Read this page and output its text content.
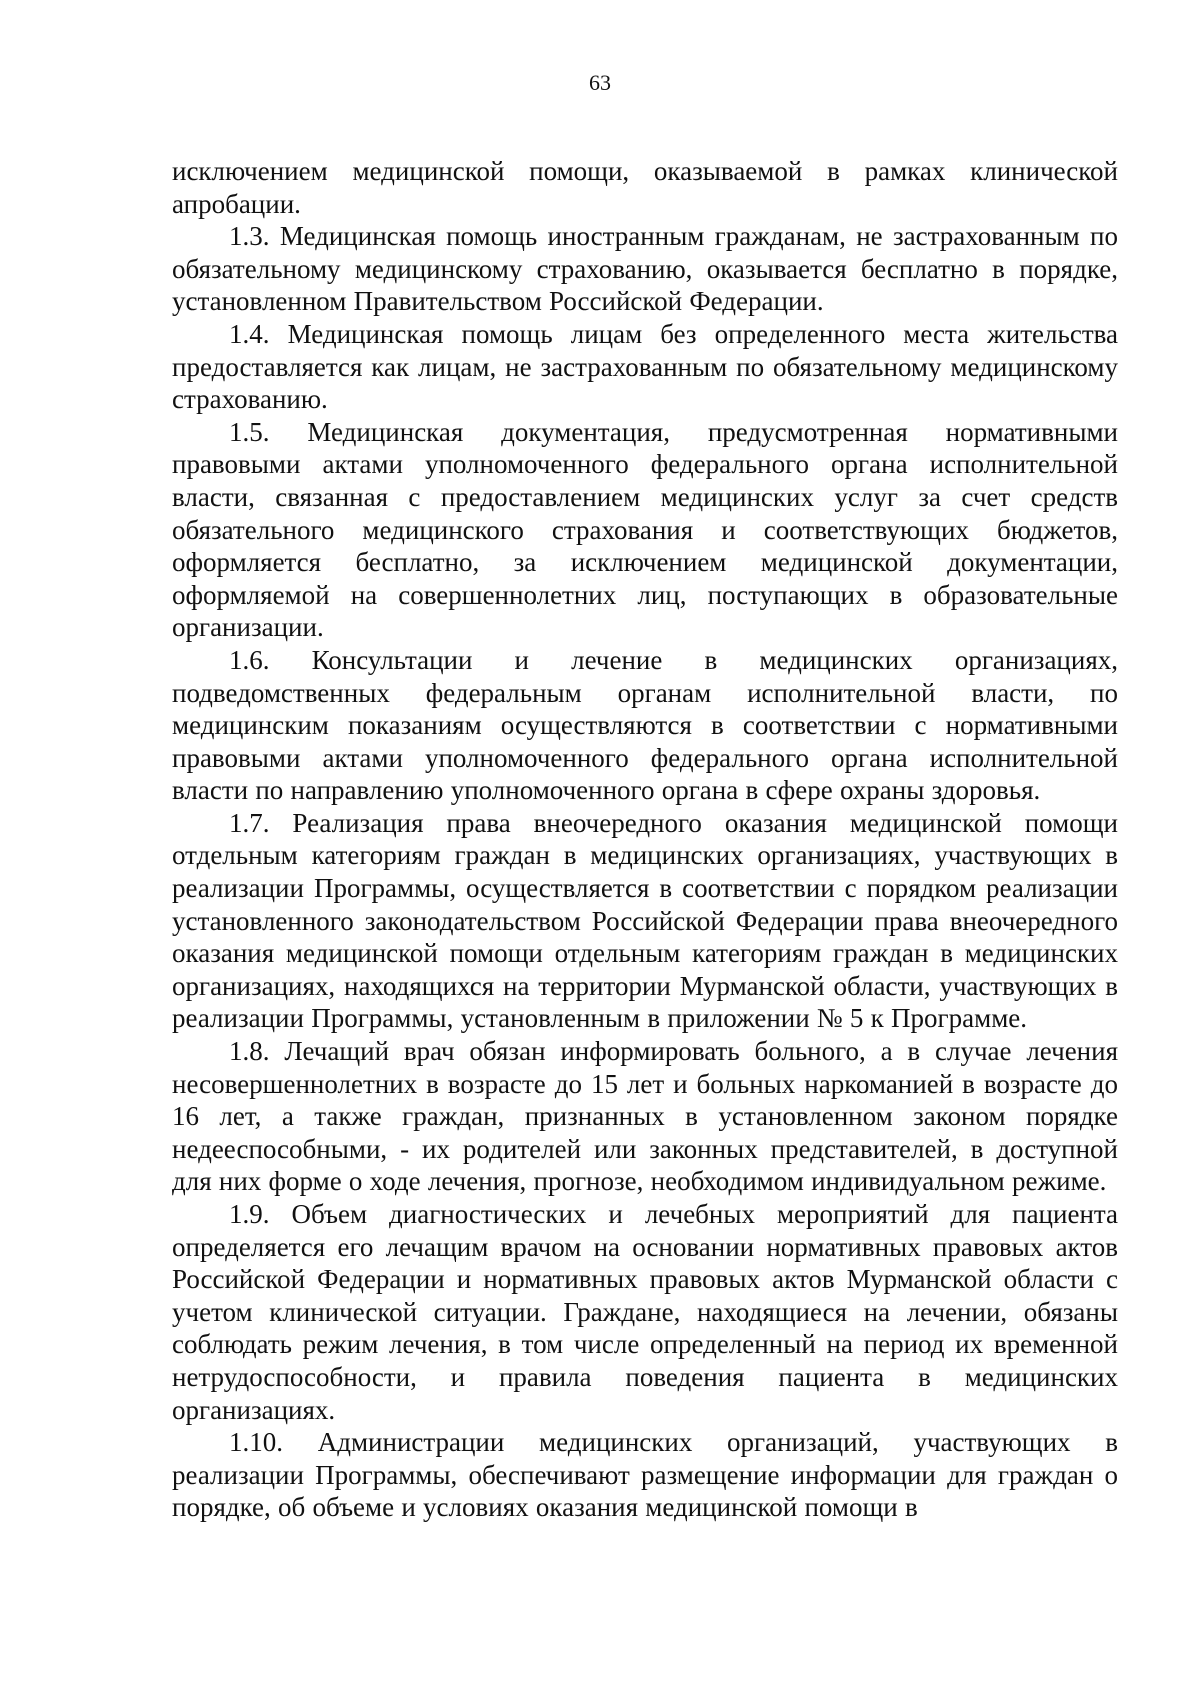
63

исключением медицинской помощи, оказываемой в рамках клинической апробации.

1.3. Медицинская помощь иностранным гражданам, не застрахованным по обязательному медицинскому страхованию, оказывается бесплатно в порядке, установленном Правительством Российской Федерации.

1.4. Медицинская помощь лицам без определенного места жительства предоставляется как лицам, не застрахованным по обязательному медицинскому страхованию.

1.5. Медицинская документация, предусмотренная нормативными правовыми актами уполномоченного федерального органа исполнительной власти, связанная с предоставлением медицинских услуг за счет средств обязательного медицинского страхования и соответствующих бюджетов, оформляется бесплатно, за исключением медицинской документации, оформляемой на совершеннолетних лиц, поступающих в образовательные организации.

1.6. Консультации и лечение в медицинских организациях, подведомственных федеральным органам исполнительной власти, по медицинским показаниям осуществляются в соответствии с нормативными правовыми актами уполномоченного федерального органа исполнительной власти по направлению уполномоченного органа в сфере охраны здоровья.

1.7. Реализация права внеочередного оказания медицинской помощи отдельным категориям граждан в медицинских организациях, участвующих в реализации Программы, осуществляется в соответствии с порядком реализации установленного законодательством Российской Федерации права внеочередного оказания медицинской помощи отдельным категориям граждан в медицинских организациях, находящихся на территории Мурманской области, участвующих в реализации Программы, установленным в приложении № 5 к Программе.

1.8. Лечащий врач обязан информировать больного, а в случае лечения несовершеннолетних в возрасте до 15 лет и больных наркоманией в возрасте до 16 лет, а также граждан, признанных в установленном законом порядке недееспособными, - их родителей или законных представителей, в доступной для них форме о ходе лечения, прогнозе, необходимом индивидуальном режиме.

1.9. Объем диагностических и лечебных мероприятий для пациента определяется его лечащим врачом на основании нормативных правовых актов Российской Федерации и нормативных правовых актов Мурманской области с учетом клинической ситуации. Граждане, находящиеся на лечении, обязаны соблюдать режим лечения, в том числе определенный на период их временной нетрудоспособности, и правила поведения пациента в медицинских организациях.

1.10. Администрации медицинских организаций, участвующих в реализации Программы, обеспечивают размещение информации для граждан о порядке, об объеме и условиях оказания медицинской помощи в
